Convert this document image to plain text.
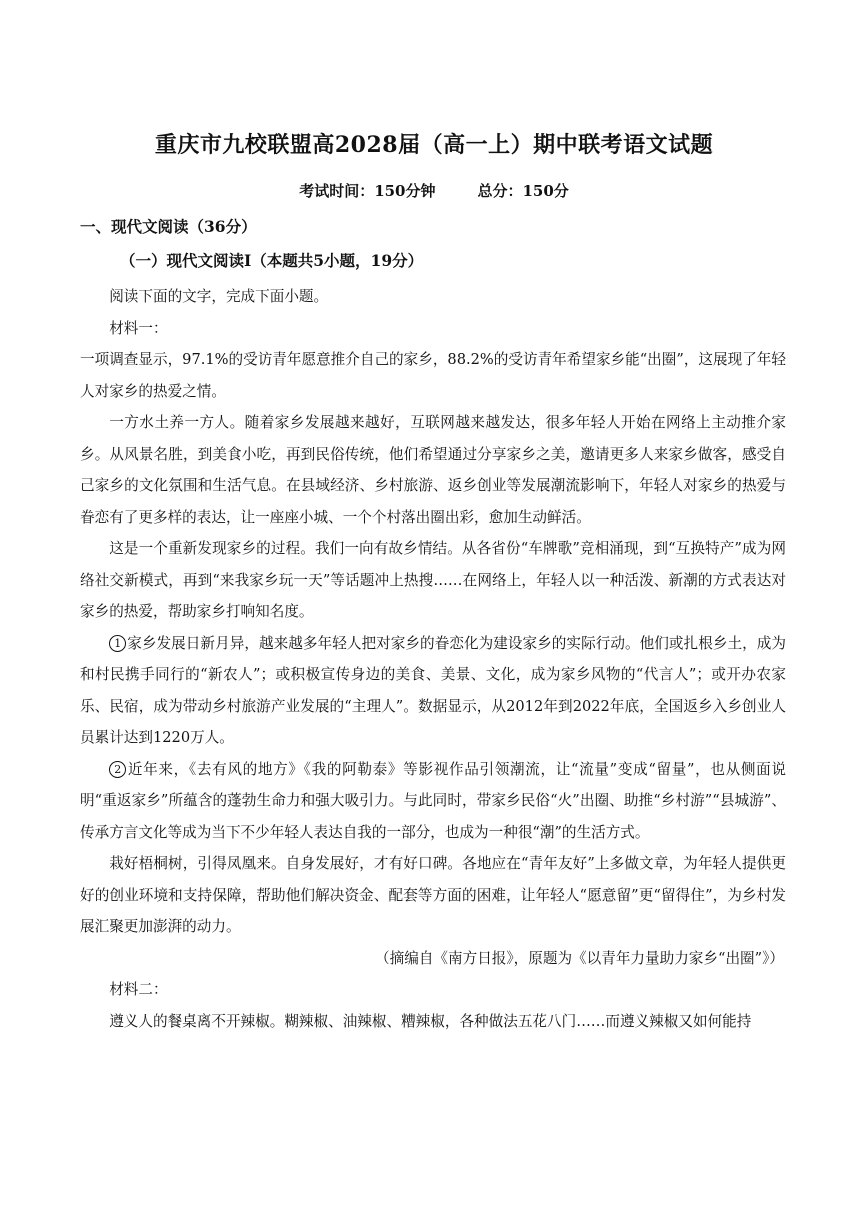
重庆市九校联盟高2028届（高一上）期中联考语文试题
考试时间：150分钟	总分：150分
一、现代文阅读（36分）
（一）现代文阅读Ⅰ（本题共5小题，19分）

阅读下面的文字，完成下面小题。

材料一：

一项调查显示，97.1%的受访青年愿意推介自己的家乡，88.2%的受访青年希望家乡能“出圈”，这展现了年轻人对家乡的热爱之情。

一方水土养一方人。随着家乡发展越来越好，互联网越来越发达，很多年轻人开始在网络上主动推介家乡。从风景名胜，到美食小吃，再到民俗传统，他们希望通过分享家乡之美，邀请更多人来家乡做客，感受自己家乡的文化氛围和生活气息。在县域经济、乡村旅游、返乡创业等发展潮流影响下，年轻人对家乡的热爱与眷恋有了更多样的表达，让一座座小城、一个个村落出圈出彩，愈加生动鲜活。

这是一个重新发现家乡的过程。我们一向有故乡情结。从各省份“车牌歌”竞相涌现，到“互换特产”成为网络社交新模式，再到“来我家乡玩一天”等话题冲上热搜……在网络上，年轻人以一种活泼、新潮的方式表达对家乡的热爱，帮助家乡打响知名度。

1 家乡发展日新月异，越来越多年轻人把对家乡的眷恋化为建设家乡的实际行动。他们或扎根乡土，成为和村民携手同行的“新农人”；或积极宣传身边的美食、美景、文化，成为家乡风物的“代言人”；或开办农家乐、民宿，成为带动乡村旅游产业发展的“主理人”。数据显示，从2012年到2022年底，全国返乡入乡创业人员累计达到1220万人。

2 近年来，《去有风的地方》《我的阿勒泰》等影视作品引领潮流，让“流量”变成“留量”，也从侧面说明“重返家乡”所蕴含的蓬勃生命力和强大吸引力。与此同时，带家乡民俗“火”出圈、助推“乡村游”“县城游”、传承方言文化等成为当下不少年轻人表达自我的一部分，也成为一种很“潮”的生活方式。

栽好梧桐树，引得凤凰来。自身发展好，才有好口碑。各地应在“青年友好”上多做文章，为年轻人提供更好的创业环境和支持保障，帮助他们解决资金、配套等方面的困难，让年轻人“愿意留”更“留得住”，为乡村发展汇聚更加澎湃的动力。

（摘编自《南方日报》，原题为《以青年力量助力家乡“出圈”》）

材料二：

遵义人的餐桌离不开辣椒。糊辣椒、油辣椒、糟辣椒，各种做法五花八门……而遵义辣椒又如何能持
